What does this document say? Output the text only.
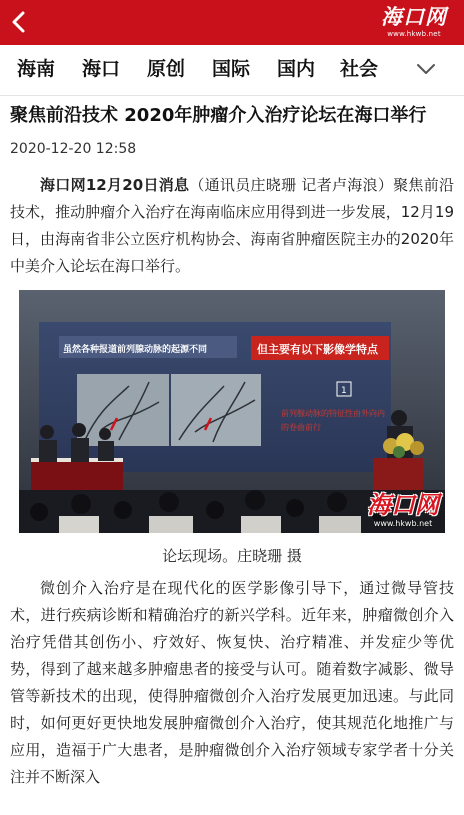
海口网
www.hkwb.net
海南 海口 原创 国际 国内 社会
聚焦前沿技术 2020年肿瘤介入治疗论坛在海口举行
2020-12-20 12:58

海口网12月20日消息（通讯员庄晓珊 记者卢海浪）聚焦前沿技术，推动肿瘤介入治疗在海南临床应用得到进一步发展，12月19日，由海南省非公立医疗机构协会、海南省肿瘤医院主办的2020年中美介入论坛在海口举行。

虽然各种报道前列腺动脉的起源不同	但主要有以下影像学特点
1
前列腺动脉的特征性由外向内
的卷曲前行
海口网
www.hkwb.net
论坛现场。庄晓珊 摄

微创介入治疗是在现代化的医学影像引导下，通过微导管技术，进行疾病诊断和精确治疗的新兴学科。近年来，肿瘤微创介入治疗凭借其创伤小、疗效好、恢复快、治疗精准、并发症少等优势，得到了越来越多肿瘤患者的接受与认可。随着数字减影、微导管等新技术的出现，使得肿瘤微创介入治疗发展更加迅速。与此同时，如何更好更快地发展肿瘤微创介入治疗，使其规范化地推广与应用，造福于广大患者，是肿瘤微创介入治疗领域专家学者十分关注并不断深入
